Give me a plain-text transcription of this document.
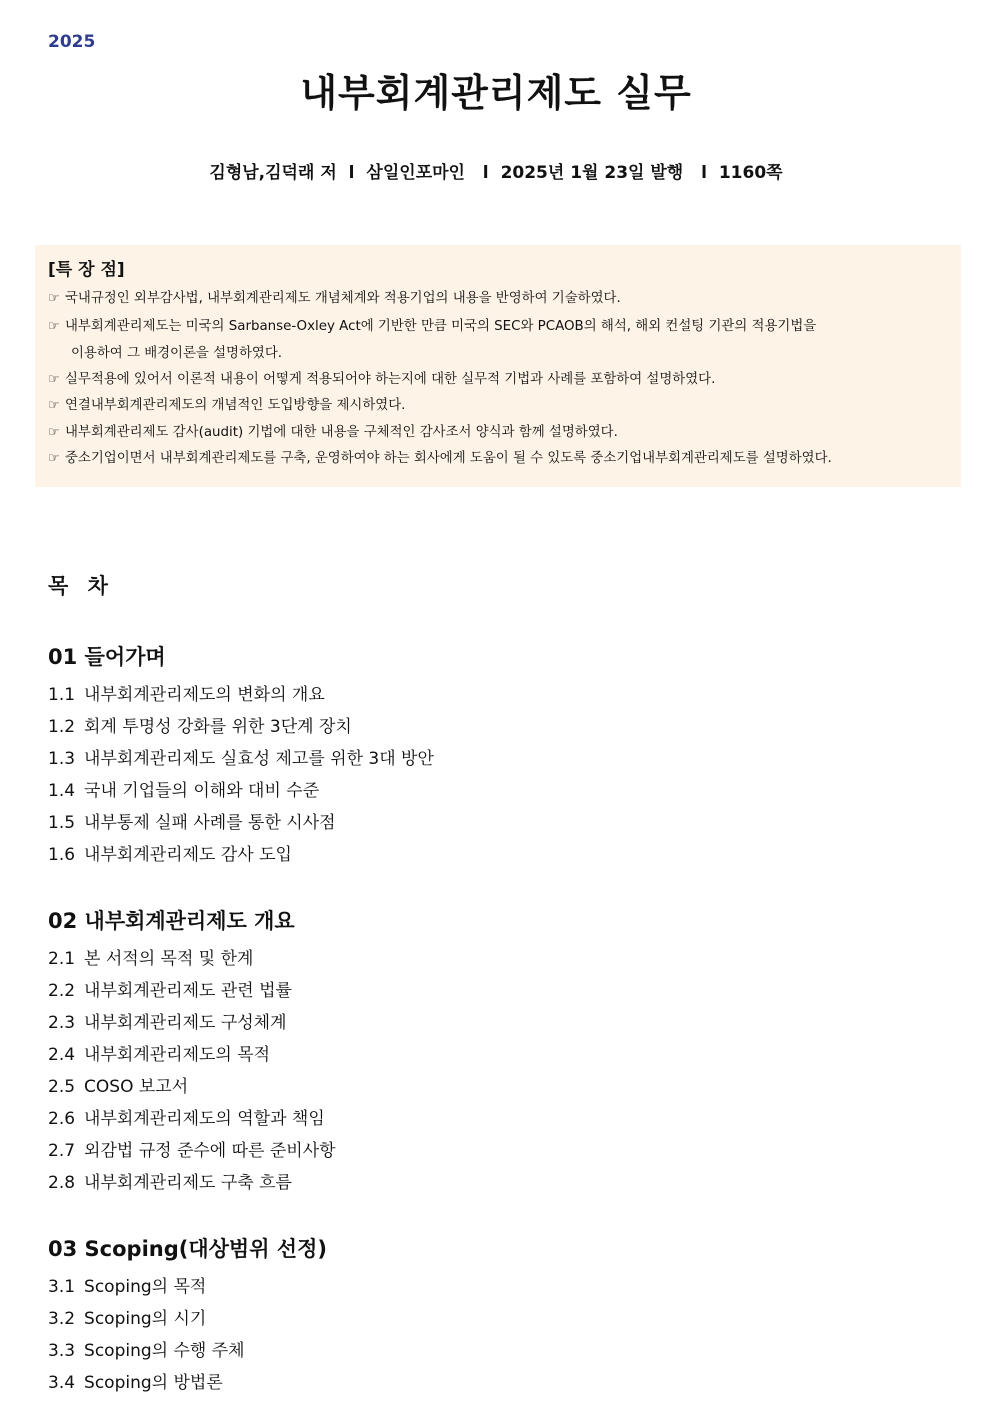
2025
내부회계관리제도 실무
김형남,김덕래 저 l 삼일인포마인  l 2025년 1월 23일 발행  l 1160쪽
[특 장 점]
☞ 국내규정인 외부감사법, 내부회계관리제도 개념체계와 적용기업의 내용을 반영하여 기술하였다.
☞ 내부회계관리제도는 미국의 Sarbanse-Oxley Act에 기반한 만큼 미국의 SEC와 PCAOB의 해석, 해외 컨설팅 기관의 적용기법을
이용하여 그 배경이론을 설명하였다.
☞ 실무적용에 있어서 이론적 내용이 어떻게 적용되어야 하는지에 대한 실무적 기법과 사례를 포함하여 설명하였다.
☞ 연결내부회계관리제도의 개념적인 도입방향을 제시하였다.
☞ 내부회계관리제도 감사(audit) 기법에 대한 내용을 구체적인 감사조서 양식과 함께 설명하였다.
☞ 중소기업이면서 내부회계관리제도를 구축, 운영하여야 하는 회사에게 도움이 될 수 있도록 중소기업내부회계관리제도를 설명하였다.
목 차
01 들어가며
1.1 내부회계관리제도의 변화의 개요
1.2 회계 투명성 강화를 위한 3단계 장치
1.3 내부회계관리제도 실효성 제고를 위한 3대 방안
1.4 국내 기업들의 이해와 대비 수준
1.5 내부통제 실패 사례를 통한 시사점
1.6 내부회계관리제도 감사 도입
02 내부회계관리제도 개요
2.1 본 서적의 목적 및 한계
2.2 내부회계관리제도 관련 법률
2.3 내부회계관리제도 구성체계
2.4 내부회계관리제도의 목적
2.5 COSO 보고서
2.6 내부회계관리제도의 역할과 책임
2.7 외감법 규정 준수에 따른 준비사항
2.8 내부회계관리제도 구축 흐름
03 Scoping(대상범위 선정)
3.1 Scoping의 목적
3.2 Scoping의 시기
3.3 Scoping의 수행 주체
3.4 Scoping의 방법론
